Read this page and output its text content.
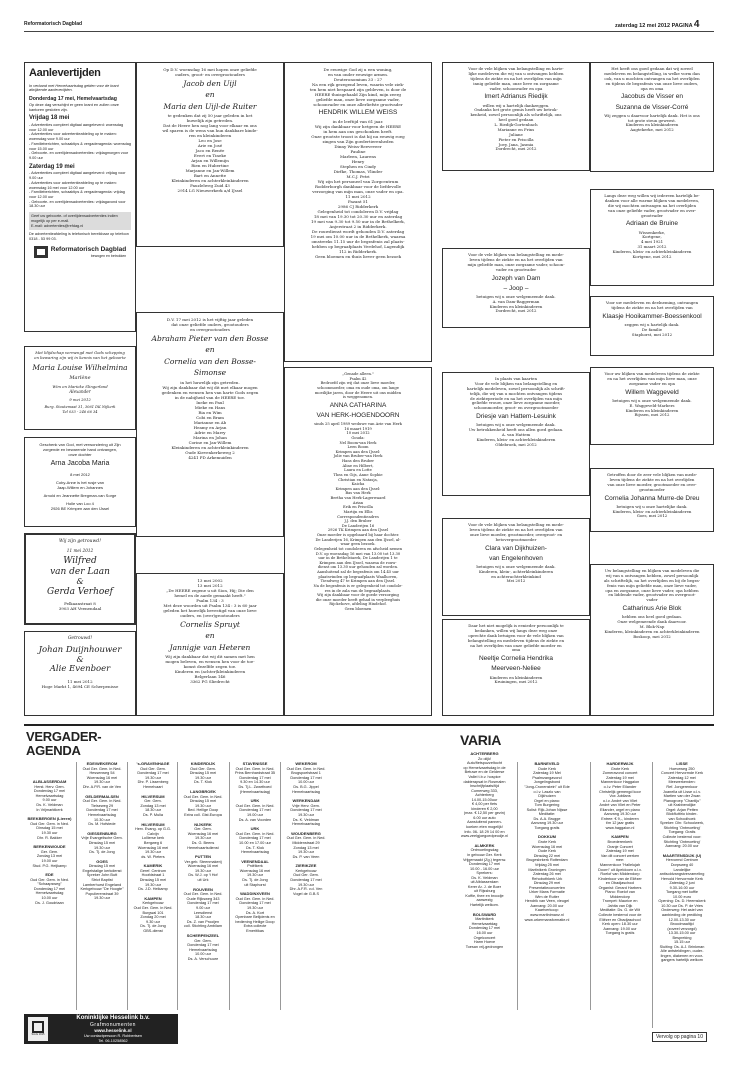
Reformatorisch Dagblad	zaterdag 12 mei 2012 PAGINA 4
Aanlevertijden
In verband met Hemelvaartsdag gelden voor de krant afwijkende aanlevertijden.
Donderdag 17 mei, Hemelvaartsdag
Op deze dag verschijnt er geen krant en zullen onze kantoren gesloten zijn.
Vrijdag 18 mei
- Advertenties compleet digitaal aangeleverd: woensdag voor 12.00 uur
- Advertenties voor advertentieafdeling op te maken: woensdag voor 9.00 uur
- Familieberichten, schaaktips & vergaderagenda: woensdag voor 15.00 uur
- Geboorte- en overlijdensadvertenties: vrijdagmorgen voor 9.00 uur
Zaterdag 19 mei
- Advertenties compleet digitaal aangeleverd: vrijdag voor 9.00 uur
- Advertenties voor advertentieafdeling op te maken: woensdag 16 mei voor 12.00 uur
- Familieberichten, schaaktips & vergaderagenda: vrijdag voor 12.00 uur
- Geboorte- en overlijdensadvertenties: vrijdagavond voor 18.30 uur
Geef uw geboorte- of overlijdensadvertenties indien mogelijk op per e-mail.
E-mail: advertenties@refdag.nl
De advertentieafdeling is telefonisch bereikbaar op telefoon 0318 - 53 99 03.
Reformatorisch Dagblad
bewogen en betrokken
Met blijdschap vermengd met Gods schepping
en bewaring zijn wij in kennis van het geboorte
Maria Louise Wilhelmina
Marlène
Wim en Marieke Slingerland
Alexander
9 mei 2012
Burg. Stoutemaat 31, 3061 DK Nijkerk
Tel 033 - 246 66 34
Geschenk van God, met verwondering uit Zijn
zorgende en bewarende hand ontvangen,
onze dochter
Arna Jacoba Maria
8 mei 2012
Coby-Anne is het rusje van
Jaap-Willem en Johannes
Arnold en Jeannette Bregman-van Sorge
Holle van Loo 4
2926 BE Krimpen aan den IJssel
Wij zijn getrouwd!
11 mei 2012
Wilfred
van der Laan
&
Gerda Verhoef
Pelkaanstraat 8
3903 AH Veenendaal
Getrouwd!
Johan Duijnhouwer
&
Alie Evenboer
11 mei 2012
Hoge Markt 1, 4694 CE Scherpenisse
Op D.V. woensdag 16 mei hopen onze geliefde
ouders, groot- en overgrootouders
Jacob den Uijl
en
Maria den Uijl-de Ruiter
te gedenken dat zij 50 jaar geleden in het
huwelijk zijn getreden.
Dat de Heere hen nog lang voor elkaar en ons
wil sparen is de wens van hun dankbare kinde-
ren en kleinkinderen
Leo en Jose
Arie en José
Jaco en Renée
Evert en Tineke
Arjan en Willemijn
Rien en Hubertine
Marjanne en Jan-Willem
Bart en Annette
Kleinkinderen en achterkleinkinderen
Pauzlelweg Zuid 43
2914 LG Nieuwerkerk a/d IJssel
D.V. 17 mei 2012 is het vijftig jaar geleden
dat onze geliefde ouders, grootouders
en overgrootouders
Abraham Pieter van den Bosse
en
Cornelia van den Bosse-
Simonse
in het huwelijk zijn getreden.
Wij zijn dankbaar dat wij dit met elkaar mogen
gedenken en wensen hen van harte Gods zegen
in de nabijheid van de HEERE toe.
Ineke en Paul
Mieke en Hans
Ria en Wim
Cobi en Bram
Marianne en Ab
Heamy en Arjan
Adrie en Marry
Marina en Johan
Corine en Jan-Willem
Kleinkinderen en achterkleinkinderen
Oude Kievenkerkeweg 2
4241 PD Arkemuiden
13 mei 2002
13 mei 2012
„De HEERE zegene u uit Sion, Hij; Die den
hemel en de aarde gemaakt heeft."
Psalm 134 : 3
Met deze woorden uit Psalm 134 : 3 is 60 jaar
geleden het huwelijk bevestigd van onze lieve
ouders, en (over)grootouders
Cornelis Spruyt
en
Jannigje van Heteren
Wij zijn dankbaar dat wij dit samen met hen
mogen beleven, en wensen hen voor de toe-
komst dezelfde zegen toe.
Kinderen en (achter)kleinkinderen
Belgerlaan 146
3362 PG Sliedrecht
De eeuwige God zij u een woning,
en van onder eeuwige armen.
Deuteronomium 33 : 27
Na een rijk gezegend leven, waarin vele ziek-
ten hem niet bespaard zijn gebleven, is door de
HEERE thuisgehaald Zijn kind, mijn zeerg
geliefde man, onze lieve zorgzame vader,
schoonvader en onze allerliefste grootvader
HENDRIK WILLEM WEISS
in de leeftijd van 61 jaar.
Wij zijn dankbaar voor hetgeen de HEERE
in hem aan ons geschonken heeft.
Onze grootste troost is dat hij nu eeuwig roeg
zingen van Zijn goedertierenheden
Dinny Weiss-Reeveveer
Pauline
Marleen, Laurens
Henry
Stephen en Cindy
Dirfke, Thomas, Vlinder
M.C.J. Petri
Wij zijn het personeel van Zorgcentrum
Rodderborgh dankbaar voor de liefdevolle
verzorging van mijn man, onze vader en opa.
11 mei 2012
Fazant 51
2986 CJ Ridderkerk
Gelegenheid tot condoleren D.V. vrijdag
18 mei van 19.30 tot 20.30 uur en zaterdag
19 mei van 9.30 tot 9.50 uur in de Bethelkerk,
Anjerstraat 2 in Ridderkerk.
De rouwdienst wordt gehouden D.V. zaterdag
19 mei om 10.00 uur in de Bethelkerk, waarna
omstreeks 11.15 uur de begrafenis zal plaats-
hebben op begraafplaats Verdehof, Lagendijk
112 in Ridderkerk.
Geen bloemen en thuis liever geen bezoek
„Genade alleen."
Psalm 42
Bedroefd zijn wij dat onze lieve moeder,
schoonmoeder, oma en oude oma, om lange
moeilijke jaren, door de Heere uit ons midden
is weggenomen.
ANNA CATHARINA
VAN HERK-HOGENDOORN
sinds 25 april 1989 weduwe van Arie van Herk
16 maart 1919
10 mei 2012
Gouda:
Nel Boom-van Herk
Leen Boom
Krimpen aan den IJssel:
Jolie van Bruber-van Herk
Hans den Bruber
Aline en Hilbert,
Laura en Lotte
Thea en Gijs, Anne Sophie
Christian en Natasja,
Kaicha
Krimpen aan den IJssel:
Bas van Herk
Bertha van Herk-Lagerwaard
Arian
Erik en Priscilla
Martijn en Ellis
Correspondentieadres
J.J. den Bruber
De Landerijen 16
2926 TK Krimpen aan den IJssel
Onze moeder is opgebaard bij haar dochter.
De Landerijen 16, Krimpen aan den IJssel, al-
waar geen bezoek.
Gelegenheid tot condoleren en afscheid nemen
D.V. op woensdag 16 mei van 13.00 tot 13.30
uur in de Bethelstaerk, De Landerijen 1 te
Krimpen aan den IJssel, waarna de rouw-
dienst om 13.30 uur gehouden zal worden.
Aansluitend zal de begrafenis om 14.45 uur
plaatsvinden op begraafplaats Waalhoven,
Tiendweg 47 te Krimpen aan den IJssel.
Na de begrafenis is er gelegenheid tot condole-
res in de zala van de begraafplaats.
Wij zijn dankbaar voor de goede verzorging
die onze moeder heeft gehad in verpleeghuis
Rijckehove, afdeling Hindehof.
Geen bloemen
Voor de vele blijken van belangstelling en harte-
lijke medeleven die wij van u ontvangen hebben
tijdens de ziekte en na het overlijden van mijn
innig geliefde man, onze lieve en zorgzame
vader, schoonvader en opa
Imert Adrianus Riedijk
willen wij u hartelijk dankzeggen.
Ondanks het grote gemis heeft uw betrok-
kenheid, zowel persoonlijk als schriftelijk, ons
heel goed gedaan
L. Riedijk-Gortenbach
Marianne en Frins
Juliane
Pieter en Priscilla
Joey, Jana, Jasmia
Dordrecht, mei 2012
Voor de vele blijken van belangstelling en mede-
leven tijdens de ziekte en na het overlijden van
mijn geliefde man, onze zorgzame vader, schoon-
vader en grootvader
Jozeph van Dam
– Joop –
betuigen wij u onze welgemeende dank.
A. van Dam-Baggerman
Kinderen en kleinkinderen
Dordrecht, mei 2012
In plaats van kaarten
Voor de vele blijken van belangstelling en
hartelijk medeleven, zowel persoonlijk als schrift-
telijk, die wij van u mochten ontvangen tijdens
de ziekteperiode en na het overlijden van mijn
geliefde vrouw, onze lieve zorgzame moeder,
schoonmoeder, groot- en overgrootmoeder
Driesje van Hattem-Lesuink
betuigen wij u onze welgemeende dank.
Uw betrokkenheid heeft ons allen goed gedaan.
A. van Hattem
Kinderen, klein- en achterkleinkinderen
Oldebroek, mei 2012
Voor de vele blijken van belangstelling en mede-
leven tijdens de ziekte en na het overlijden van
onze lieve moeder, grootmoeder, overgroot- en
betovergrootmoeder
Clara van Dijkhuizen-
van Engelenhoven
betuigen wij u onze welgemeende dank.
Kinderen, klein-, achterkleinkinderen
en achterachterkleinkind
Mei 2012
Daar het niet mogelijk is eenieder persoonlijk te
bedanken, willen wij langs deze weg onze
oprechte dank betuigen voor de vele blijken van
belangstelling en medeleven tijdens de ziekte en
na het overlijden van onze geliefde moeder en
oma
Neeltje Cornelia Hendrika
Meerveen-Neliee
Kinderen en kleinkinderen
Kruiningen, mei 2012
Het heeft ons goed gedaan dat wij zoveel
medeleven en belangstelling, in welke vorm dan
ook, van u mochten ontvangen na het overlijden
en tijdens de begrafenis van onze lieve ouders,
opa en oma
Jacobus de Visser en
Suzanna de Visser-Corré
Wij zeggen u daarvoor hartelijk dank. Het is ons
tot grote steun geweest.
Kinderen en kleinkinderen
Aagtekerke, mei 2012
Langs deze weg willen wij iedereen hartelijk be-
danken voor alle warme blijken van medeleven,
die wij mochten ontvangen na het overlijden
van onze geliefde vader, grootvader en over-
grootvader
Adriaan de Bruine
Wissenkerke,
Kortgene,
4 mei 1921
31 maart 2012
Kinderen, klein- en achterkleinkinderen
Kortgene, mei 2012
Voor uw medeleven en deelneming, ontvangen
tijdens de ziekte en na het overlijden van
Klaasje Hooikammer-Boessenkool
zeggen wij u hartelijk dank.
De familie
Staphorst, mei 2012
Voor uw blijken van medeleven tijdens de ziekte
en na het overlijden van mijn lieve man, onze
zorgzame vader en opa
Willem Waggeveld
betuigen wij u onze welgemeende dank.
E. Waggeveld-Marbers
Kinderen en kleinkinderen
Rijssen, mei 2012
Getroffen door de zeer vele blijken van mede-
leven tijdens de ziekte en na het overlijden
van onze lieve moeder, grootmoeder en over-
grootmoeder
Cornelia Johanna Murre-de Dreu
betuigen wij u onze hartelijke dank.
Kinderen, klein- en achterkleinkinderen
Goes, mei 2012
Uw belangstelling en blijken van medeleven die
wij van u ontvangen hebben, zowel persoonlijk
als schriftelijk, na het overlijden en bij de begra-
fenis van mijn geliefde man, onze lieve vader,
opa en zorgzame, onze lieve vader, opa hebben
en liddende vader, grootvader en overgroot-
vader
Catharinus Arie Blok
hebben ons heel goed gedaan.
Onze welgemeende dank daarvoor.
M. Blok-Nap
Kinderen, kleinkinderen en achterkleinkinderen
Boskoop, mei 2012
VERGADER-
AGENDA
VARIA
ALBLASSERDAM
Herst. Herv. Gem.
Donderdag 17 mei
Hemelvaartsdag
9.00 uur
Ds. K. Veldman
In Vrijmarktkerk
BEEKBERGEN (Lieren)
Oud Ger. Gem. in Ned.
Dinsdag 15 mei
19.30 uur
Dhr. R. Bakker
BERKENWOUDE
Ger. Gem.
Zondag 13 mei
19.00 uur
Stud. P.G. Heijkamp
EDE
Oud Ger. Gem. in Ned.
"Schaapsweg"
Donderdag 17 mei
Hemelvaartsdag
10.00 uur
Ds. J. Goudriaan
EDE/WEKEROM
Oud Ger. Gem. in Ned.
Hessenweg 54
Woensdag 16 mei
19.30 uur
Dhr. A.P.R. van de Ven
GELDERMALSEN
Oud Ger. Gem. in Ned.
Tielseweg 29
Donderdag 17 mei
Hemelvaartsdag
10.30 uur
Ds. M. Hofstede
GIESSENBURG
Vrije Evangelische Gem.
Dinsdag 15 mei
19.30 uur
Ds. Tj. de Jong
GOES
Dinsdag 15 mei
Engelstalige kerkdienst
Spreker John Butt
Strict Baptist
Lamberhurst Engeland
Kerkgebouw "De Hoogte"
Populierenstraat 39
19.30 uur
's-GRAVENHAGE
Oud Ger. Gem.
Donderdag 17 mei
19.30 uur
Dhr. P. Lissenberg
Hemelvaart
HILVERSUM
Ger. Gem.
Zondag 13 mei
18.30 uur
Ds. P. Mulia
HILVERSUM
Herv. Evang. op G.G.
Calvijn
Lollierse kerk
Bergweg 6
Woensdag 16 mei
19.30 uur
ds. W. Pieters
KAMERIK
Geref. Centrum
Hoofdstraat 1
Dinsdag 15 mei
19.30 uur
Ds. J.D. Heikamp
KAMPEN
Kerkgebouw
Oud Ger. Gem. in Ned.
Burgwal 101
Zondag 20 mei
9.30 uur
Ds. Tj. de Jong
GBS-dienst
KINDERDIJK
Oud Ger. Gem.
Dinsdag 15 mei
19.30 uur
Ds. T. Klok
LANGBROEK
Oud Ger. Gem. in Ned.
Dinsdag 15 mei
19.30 uur
Bed. Heilige Doop
Extra coll. Gist.Europa
NIJKERK
Ger. Gem.
Woensdag 16 mei
19.30 uur
Ds. G. Beens
Hemelvaartsdienst
PUTTEN
Ver.geb. Steenmakerij
Woensdag 16 mei
19.30 uur
Ds. W.J. op 't Hof
uit Urk
ROUVEEN
Oud Ger. Gem. in Ned.
Oude Rijksweg 343
Donderdag 17 mei
9.00 uur
Leesdienst
18.30 uur
Ds. Z. van Prooijen
coll. Stichting Ambilam
SCHERPENZEEL
Ger. Gem.
Donderdag 17 mei
Hemelvaartsdag
10.00 uur
Ds. A. Verschuure
STAVENISSE
Oud Ger. Gem. in Ned.
Prins Bernhardstraat 35
Donderdag 17 mei
9.30 en 14.30 uur
Ds. Tj.L. Zwarthoed
(Hemelvaartsdag)
URK
Oud Ger. Gem. in Ned.
Donderdag 17 mei
19.00 uur
Ds. A. van Voorden
URK
Oud Ger. Gem. in Ned.
Donderdag 17 mei
10.00 en 17.00 uur
Ds. T. Klok
Hemelvaartsdag
VEENENDAAL
Pniëlkerk
Woensdag 16 mei
19.30 uur
Ds. Tj. de Jong
uit Staphorst
WADDINXVEEN
Oud Ger. Gem. in Ned.
Donderdag 17 mei
19.30 uur
Ds. A. Kort
Openbare Belijdenis en
bediening Heilige Doop
Extra collecte
Emeritikas
WEKEROM
Oud Ger. Gem. in Ned.
Brugspoelstraat 1
Donderdag 17 mei
10.00 uur
Ds. B.G. Jippel
Hemelvaartsdag
WERKENDAM
Vrije Herv. Gem.
Donderdag 17 mei
19.30 uur
Ds. K. Veldman
Hemelvaartsdag
WOUDENBERG
Oud Ger. Gem. in Ned.
Middenstraat 29
Zondag 13 mei
19.30 uur
Ds. P. van Veen
ZIERIKZEE
Kerkgebouw
Oud Ger. Gem.
Donderdag 17 mei
19.30 uur
Dhr. A.F.R. v.d. Ven
Vogel de G.B.S
ACHTERBERG
Zo olijk!
Auto/fietspuzzeltocht
op Hemelvaartsdag in de
Betuwe en de Gelderse
Vallei t.b.v. hospice
dakterapsat in Rosmalen
Inschrijfplaats/tijd
Cumerweg 333,
Achterberg
14.00-15.00uur
€ 4,00 per fiets
kinderen € 2,00
(max. € 12,50 per gezin)
6.00 uur auto
Aansluitend pannen-
koeken eten mogelijk!
Info. 06- 18 29 14 00 en
www.zeelgjoegoedpeodje.nl
ALMKERK
Ontmoetingsdag
in gebouw Ger. Kerk
Vrijgemaakt (Zg.) tegenw.
Donderdag 17 mei
10.00 - 16.00 uur
Sprekers:
Ds. K. Veldman
uit Alblasserdam
Kerer Ar. J. de Boer
uit Rijssburg
Koffie, thee en broodje
aanwezig
Hartelijk welkom.
BOLSWARD
Martinikerk
Hemelvaartdag
Donderdag 17 mei
16.00 uur
Orgelconcert
Harm Hoeve
Toesan vrij-gedrongen
BARNEVELD
Oude Kerk
Zaterdag 19 Mei
Psalmzangavond
Jongelingsbond
"Jong-Cronenstein" uit Ede
o.l.v. Laszlo van
Dijkhuizen
Orgel en piano:
Tom Burgering
Solist: Rijk-Johan Nijsse
Meditatie:
Ds. A.A. Brugge
Aanvang 19.30 uur
Toegang gratis
DOKKUM
Grote Kerk
Woensdag 16 mei
Oude Kerk
Dinsdag 22 mei
Brugesbrkerk Rotterdam
Vrijdag 25 mei
Martinikerk Groningen
Zaterdag 26 mei
Rehobothkerk Urk
Dinsdag 29 mei
Presentatieconcerten
Urker Mans Formatie
Wim de Ruiter
Hendrik van Veen, vleugel
Aanvang: 20.00 uur
Kaartverkoop:
www.martinimanz.nl
www.urkermansformatie.nl
HARDERWIJK
Grote Kerk
Zomeravond concert
Zaterdag 19 mei
Mannenkoor Haggaion
o.l.v. Peter Eilander
Christelijk gemengd koor
Vox Jubilans
o.l.v. André van Vliet
André van Vliet en Peter
Eilander, orgel en piano
Aanvang 19.30 uur
Entree: € 9,-, kinderen
t/m 12 jaar gratis
www.haggaion.nl
KAMPEN
Broederenkerk
Oranje Concert
Zaterdag 19 mei
Van dit concert werken
mee:
Mannenkoor "Hallelujah
Doorn" uit Apeldoorn o.l.v.
Roelof van Middendorp
Kinderkoor van de Eliëzer
en Obadjaschool
Organist: Gerard Harbers
Piano: Roelof van
Middendorp
Trompet: Maurice en
Jahita van Dijk
Meditatie: Ds. G. de Wit
Collecte bestemd voor de
Eliëzer en Obadjaschool
Kerk open: 18.30 uur
Aanvang: 19.00 uur
Toegang is gratis
LISSE
Hoeveweg 250
Concert Hervormde Kerk
Zaterdag 12 mei
Meewerkenden:
Ref. Jongerenkoor
Joanella uit Lisse o.l.v.
Martien van der Zwan
Pianogroep "Chantlju"
uit Krabbendijke
Orgel: Arjan Petten
Blokfluittrio kinder-
van Schoolhoek
Spreker: Dhr. Schoolwerk,
Stichting 'Ontmoeting'
Toegang: Gratis
Collecte bestemd voor:
Stichting 'Ontmoeting'
Aanvang: 20.00 uur
MAARTENSDIJK (U)
Hervormd Centrum
Dorpsweg 40
Landelijke
antisoldvangstverzameling
Hervold Hervormde Kerk
Zaterdag 2 juni
9.30-16.00 uur
Toegang met koffie
10.00 euro
Opening: Ds. D. Heemskerk
10.30 uur Ds. P. de Vries
Onderweg: Het asiel van
aanbieding de prediking
12.00-13.30 uur
Broodmaaltijd
(zoveel verzorgd)
13.30-15.00 uur
Bespreking
15.15 uur
Sluiting: Ds. A.J. Brinkman
Alle antsteldingen, ouder-
lingen, diakenen en voor-
gangers hartelijk welkom
Sinds 1915
Koninklijke Hesselink b.v.
Grafmonumenten
www.hesselink.nl
Uw contactpersoon R. Robbertsen
Tel. 06-10258562
Vervolg op pagina 10
